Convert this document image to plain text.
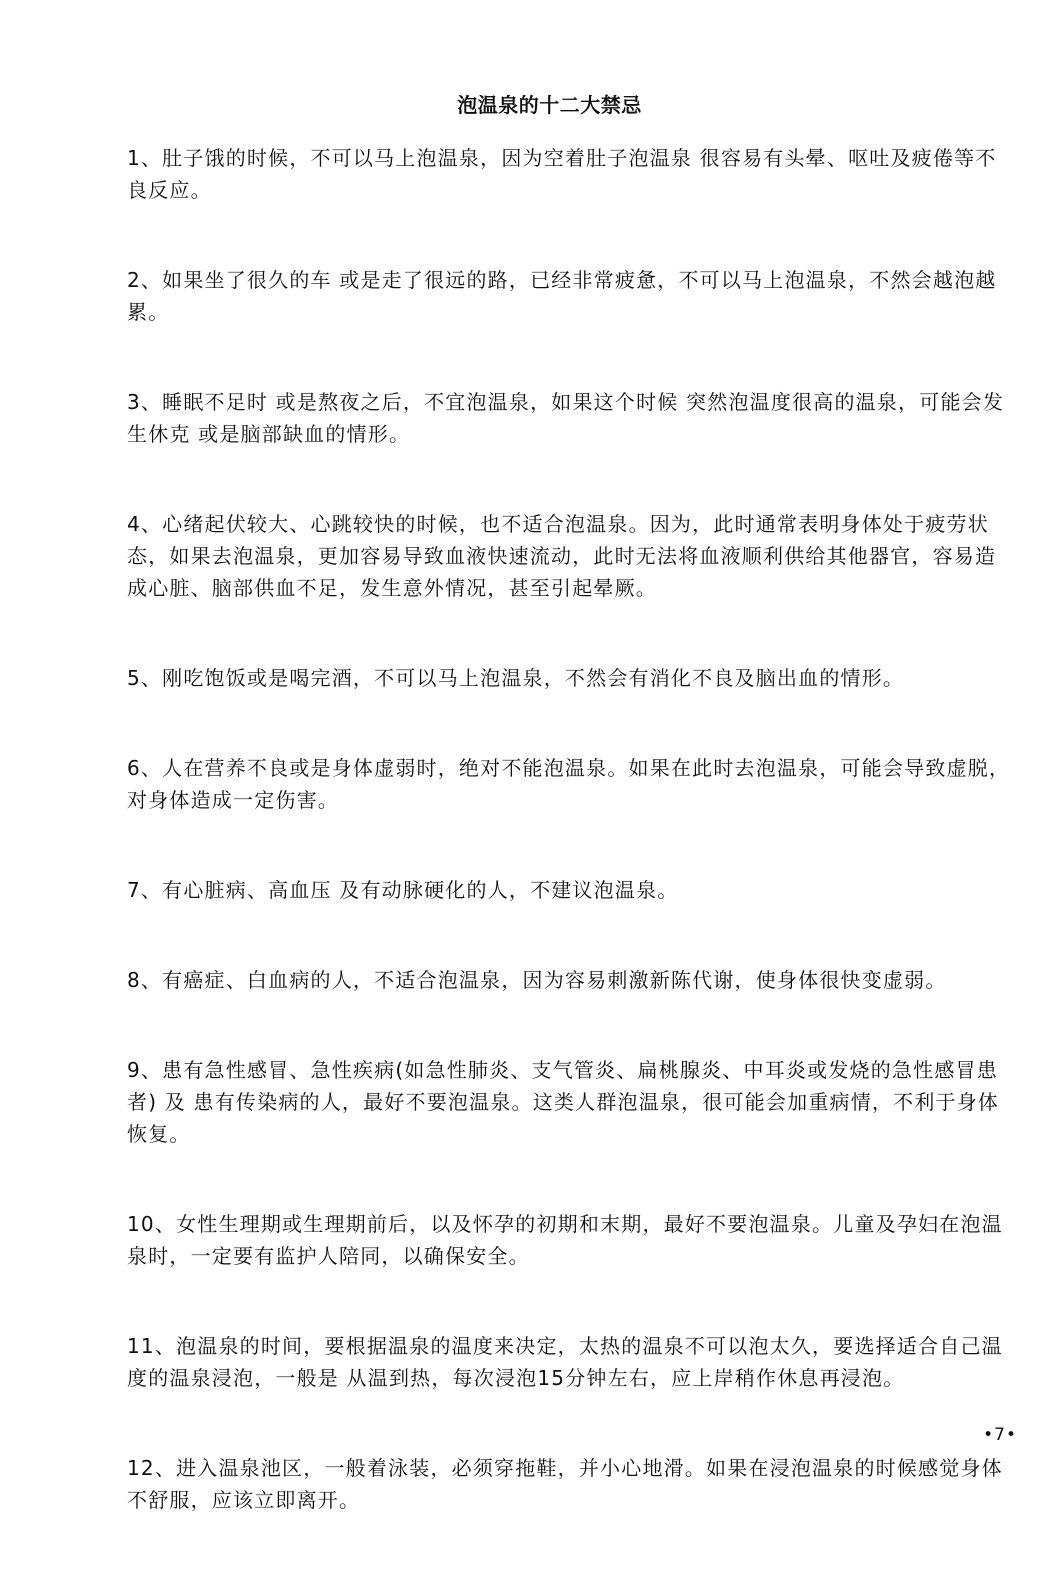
泡温泉的十二大禁忌
1、肚子饿的时候，不可以马上泡温泉，因为空着肚子泡温泉 很容易有头晕、呕吐及疲倦等不良反应。
2、如果坐了很久的车 或是走了很远的路，已经非常疲惫，不可以马上泡温泉，不然会越泡越累。
3、睡眠不足时 或是熬夜之后，不宜泡温泉，如果这个时候 突然泡温度很高的温泉，可能会发生休克 或是脑部缺血的情形。
4、心绪起伏较大、心跳较快的时候，也不适合泡温泉。因为，此时通常表明身体处于疲劳状态，如果去泡温泉，更加容易导致血液快速流动，此时无法将血液顺利供给其他器官，容易造成心脏、脑部供血不足，发生意外情况，甚至引起晕厥。
5、刚吃饱饭或是喝完酒，不可以马上泡温泉，不然会有消化不良及脑出血的情形。
6、人在营养不良或是身体虚弱时，绝对不能泡温泉。如果在此时去泡温泉，可能会导致虚脱，对身体造成一定伤害。
7、有心脏病、高血压 及有动脉硬化的人，不建议泡温泉。
8、有癌症、白血病的人，不适合泡温泉，因为容易刺激新陈代谢，使身体很快变虚弱。
9、患有急性感冒、急性疾病(如急性肺炎、支气管炎、扁桃腺炎、中耳炎或发烧的急性感冒患者) 及 患有传染病的人，最好不要泡温泉。这类人群泡温泉，很可能会加重病情，不利于身体恢复。
10、女性生理期或生理期前后，以及怀孕的初期和末期，最好不要泡温泉。儿童及孕妇在泡温泉时，一定要有监护人陪同，以确保安全。
11、泡温泉的时间，要根据温泉的温度来决定，太热的温泉不可以泡太久，要选择适合自己温度的温泉浸泡，一般是 从温到热，每次浸泡15分钟左右，应上岸稍作休息再浸泡。
12、进入温泉池区，一般着泳装，必须穿拖鞋，并小心地滑。如果在浸泡温泉的时候感觉身体不舒服，应该立即离开。
•7•
